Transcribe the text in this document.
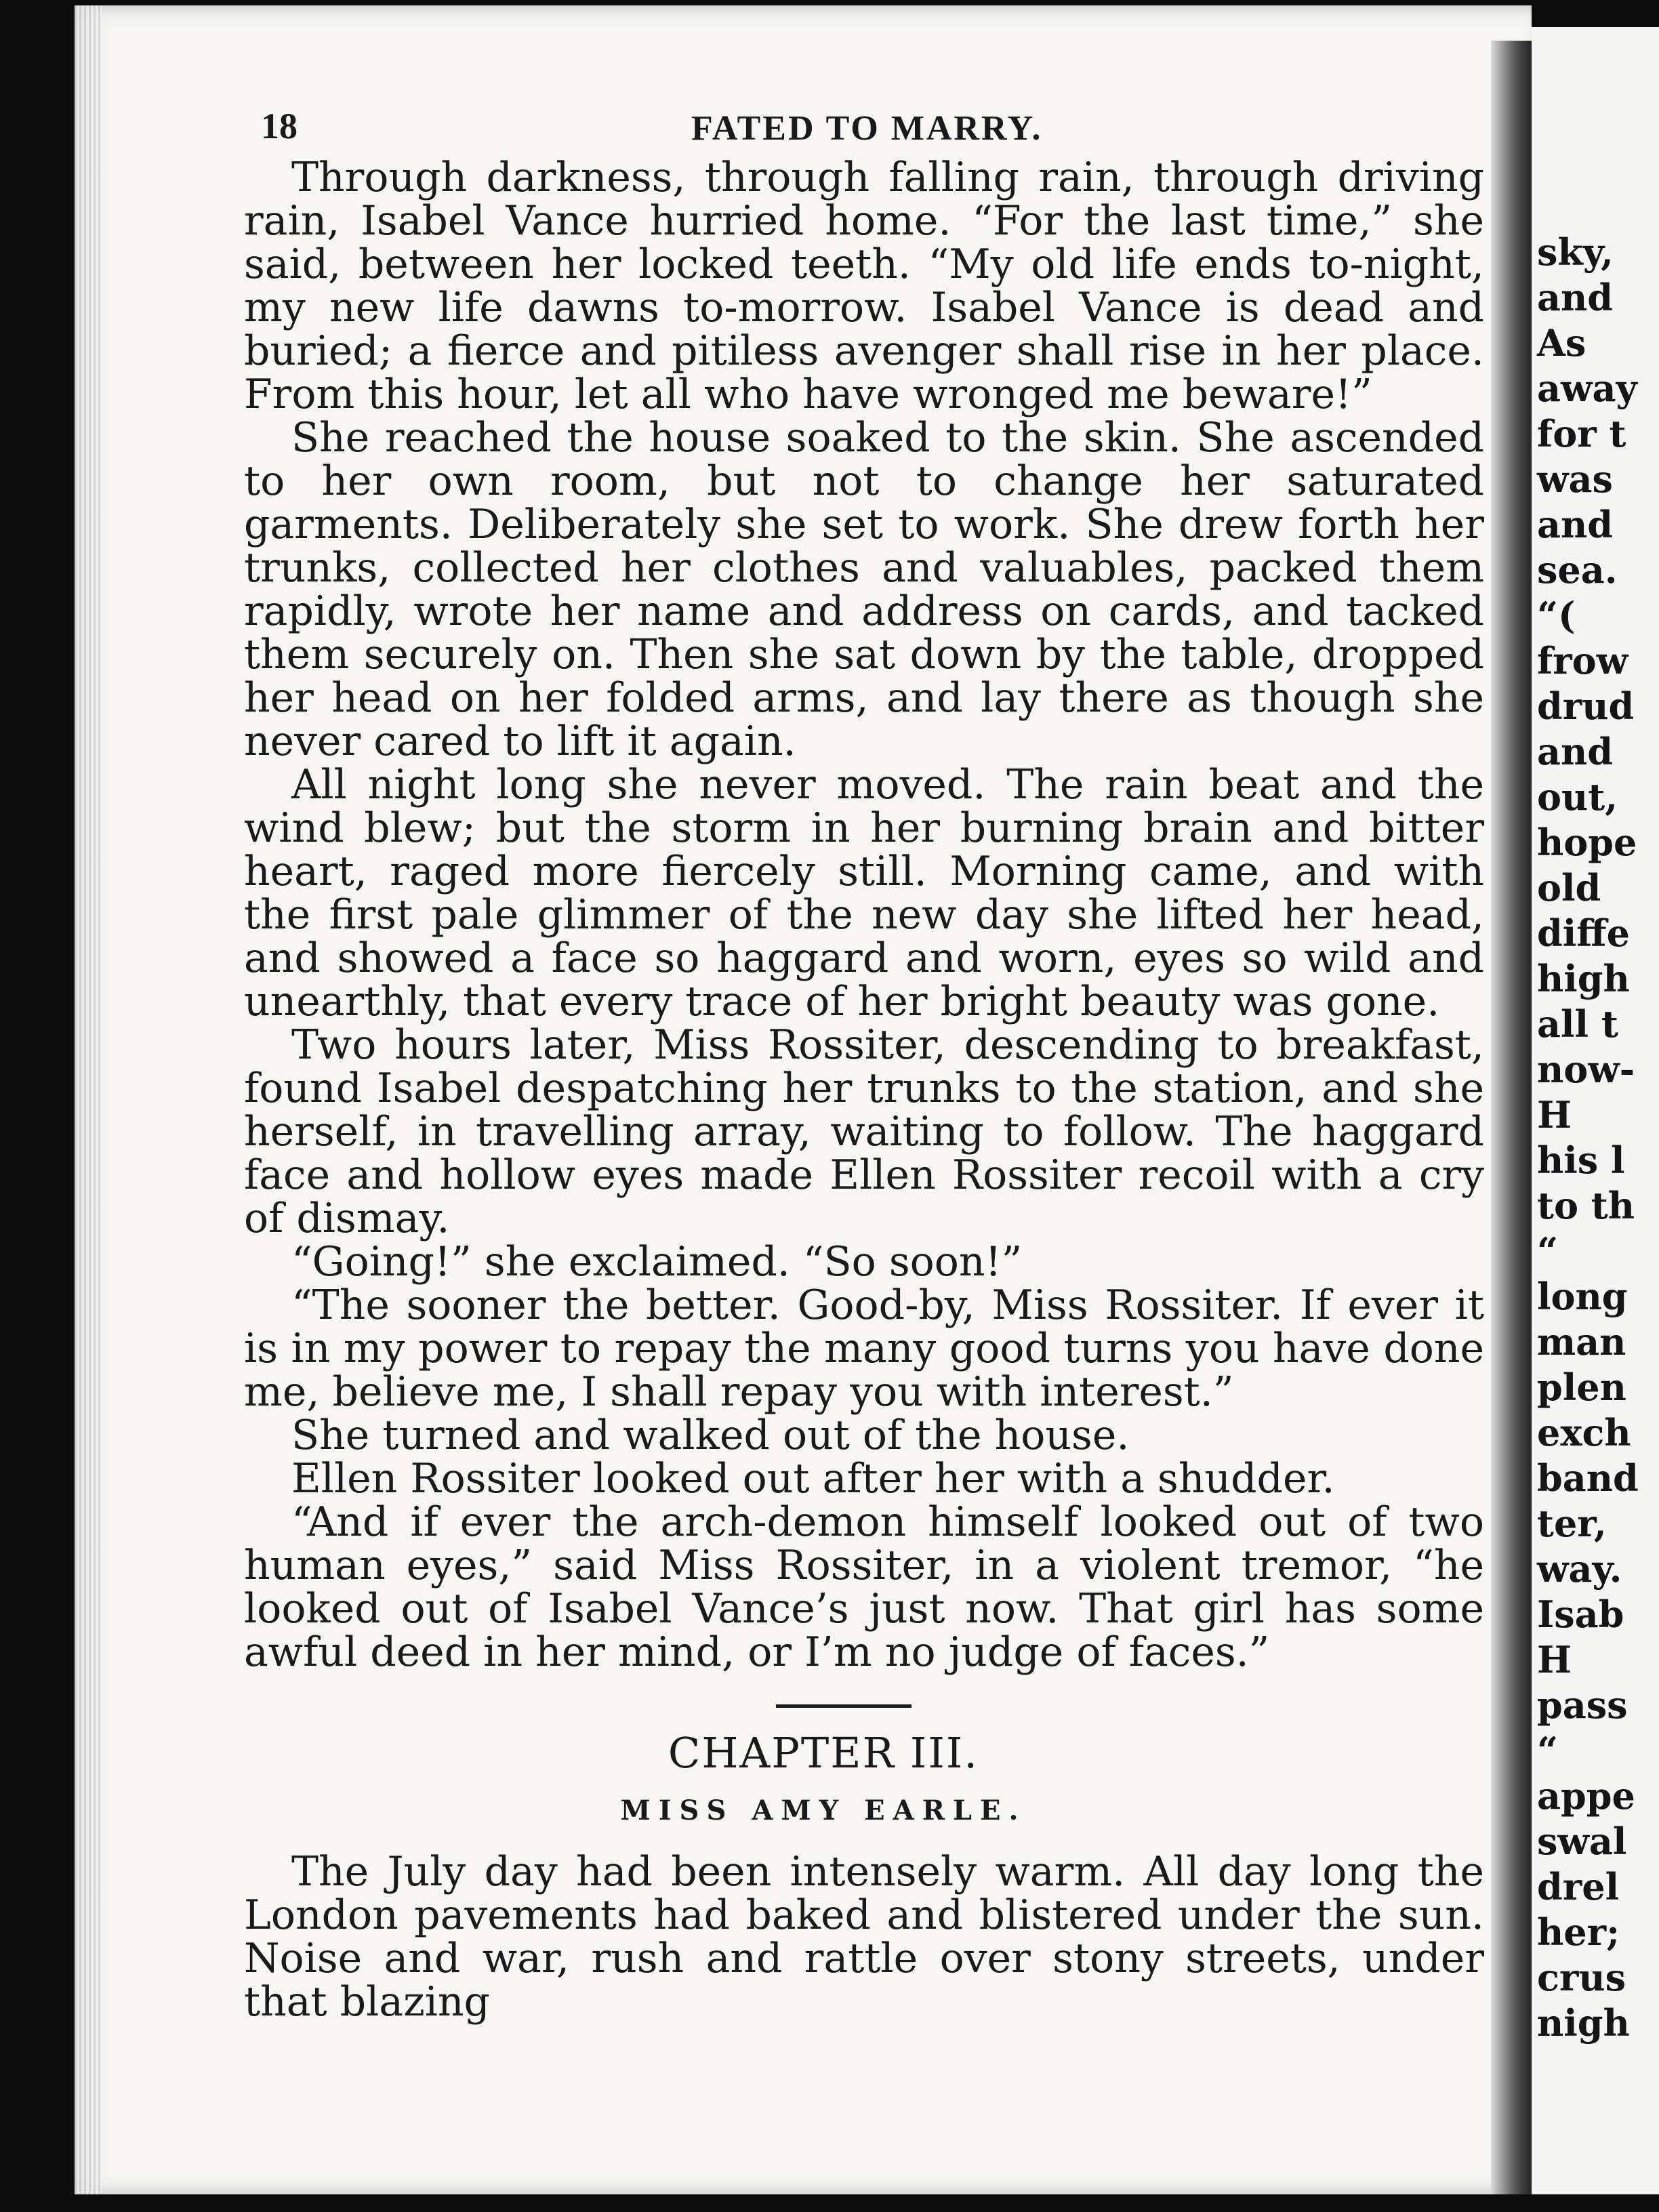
18	FATED TO MARRY.

Through darkness, through falling rain, through driving rain, Isabel Vance hurried home. “For the last time,” she said, between her locked teeth. “My old life ends to-night, my new life dawns to-morrow. Isabel Vance is dead and buried; a fierce and pitiless avenger shall rise in her place. From this hour, let all who have wronged me beware!”

She reached the house soaked to the skin. She ascended to her own room, but not to change her saturated garments. Deliberately she set to work. She drew forth her trunks, collected her clothes and valuables, packed them rapidly, wrote her name and address on cards, and tacked them securely on. Then she sat down by the table, dropped her head on her folded arms, and lay there as though she never cared to lift it again.

All night long she never moved. The rain beat and the wind blew; but the storm in her burning brain and bitter heart, raged more fiercely still. Morning came, and with the first pale glimmer of the new day she lifted her head, and showed a face so haggard and worn, eyes so wild and unearthly, that every trace of her bright beauty was gone.

Two hours later, Miss Rossiter, descending to breakfast, found Isabel despatching her trunks to the station, and she herself, in travelling array, waiting to follow. The haggard face and hollow eyes made Ellen Rossiter recoil with a cry of dismay.

“Going!” she exclaimed. “So soon!”

“The sooner the better. Good-by, Miss Rossiter. If ever it is in my power to repay the many good turns you have done me, believe me, I shall repay you with interest.”

She turned and walked out of the house.

Ellen Rossiter looked out after her with a shudder.

“And if ever the arch-demon himself looked out of two human eyes,” said Miss Rossiter, in a violent tremor, “he looked out of Isabel Vance’s just now. That girl has some awful deed in her mind, or I’m no judge of faces.”

CHAPTER III.
MISS AMY EARLE.

The July day had been intensely warm. All day long the London pavements had baked and blistered under the sun. Noise and war, rush and rattle over stony streets, under that blazing

sky,
and
As
away
for t
was
and
sea.
“(
frow
drud
and
out,
hope
old
diffe
high
all t
now-
H
his l
to th
“
long
man
plen
exch
band
ter,
way.
Isab
H
pass
“
appe
swal
drel
her;
crus
nigh
